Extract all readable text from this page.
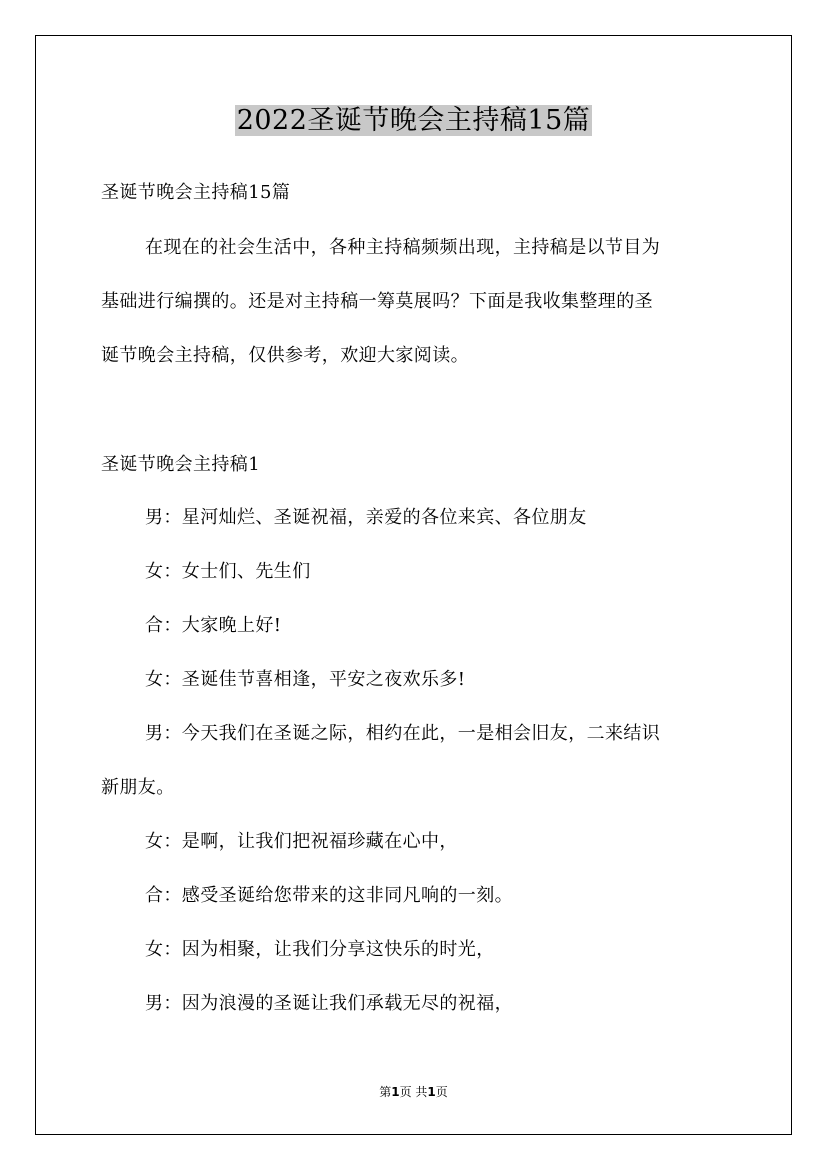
2022圣诞节晚会主持稿15篇
圣诞节晚会主持稿15篇
在现在的社会生活中，各种主持稿频频出现，主持稿是以节目为
基础进行编撰的。还是对主持稿一筹莫展吗？下面是我收集整理的圣
诞节晚会主持稿，仅供参考，欢迎大家阅读。
圣诞节晚会主持稿1
男：星河灿烂、圣诞祝福，亲爱的各位来宾、各位朋友
女：女士们、先生们
合：大家晚上好!
女：圣诞佳节喜相逢，平安之夜欢乐多!
男：今天我们在圣诞之际，相约在此，一是相会旧友，二来结识
新朋友。
女：是啊，让我们把祝福珍藏在心中，
合：感受圣诞给您带来的这非同凡响的一刻。
女：因为相聚，让我们分享这快乐的时光，
男：因为浪漫的圣诞让我们承载无尽的祝福，
第1页 共1页
